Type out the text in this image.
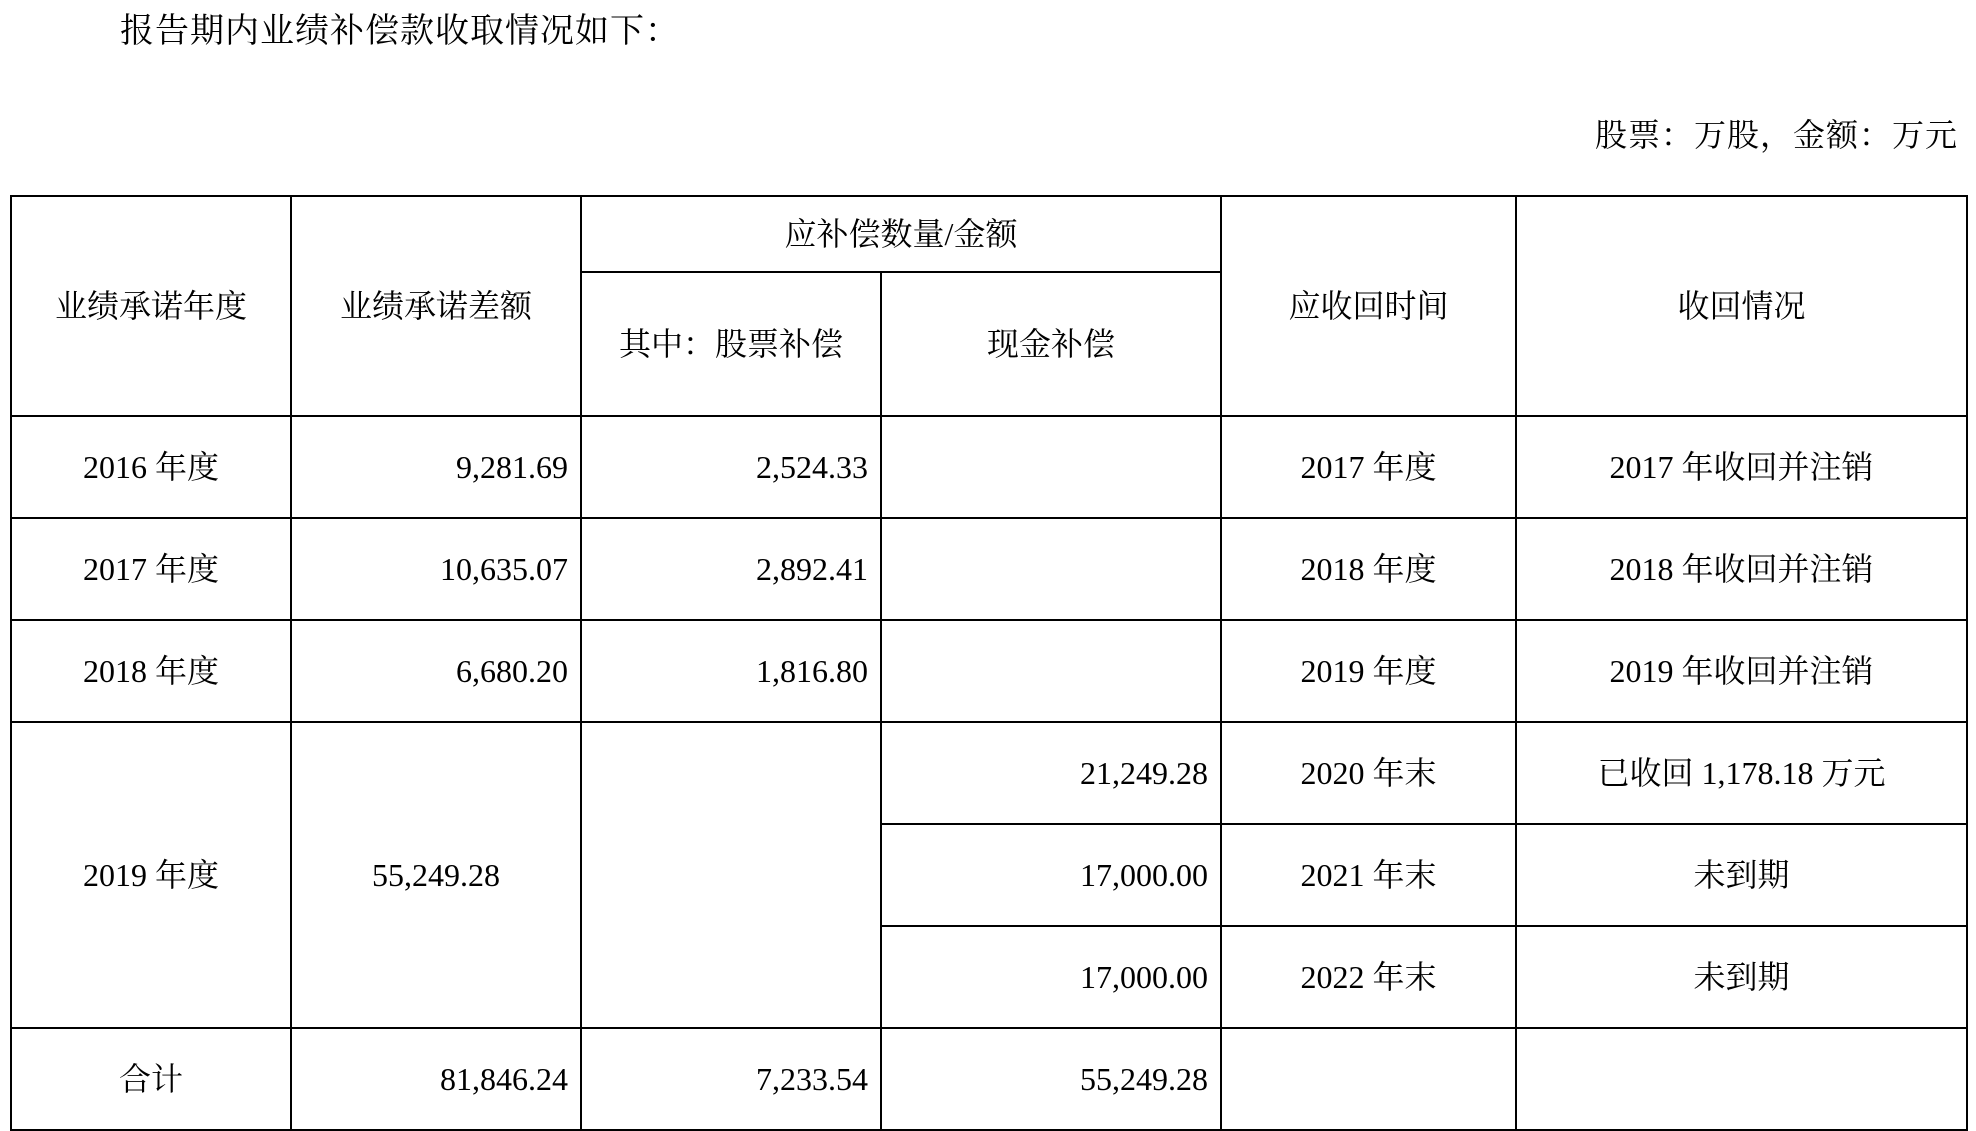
报告期内业绩补偿款收取情况如下：
股票：万股，金额：万元
业绩承诺年度	业绩承诺差额	应补偿数量/金额		应收回时间	收回情况
		其中：股票补偿	现金补偿		
2016 年度	9,281.69	2,524.33		2017 年度	2017 年收回并注销
2017 年度	10,635.07	2,892.41		2018 年度	2018 年收回并注销
2018 年度	6,680.20	1,816.80		2019 年度	2019 年收回并注销
2019 年度	55,249.28		21,249.28	2020 年末	已收回 1,178.18 万元
			17,000.00	2021 年末	未到期
			17,000.00	2022 年末	未到期
合计	81,846.24	7,233.54	55,249.28		
